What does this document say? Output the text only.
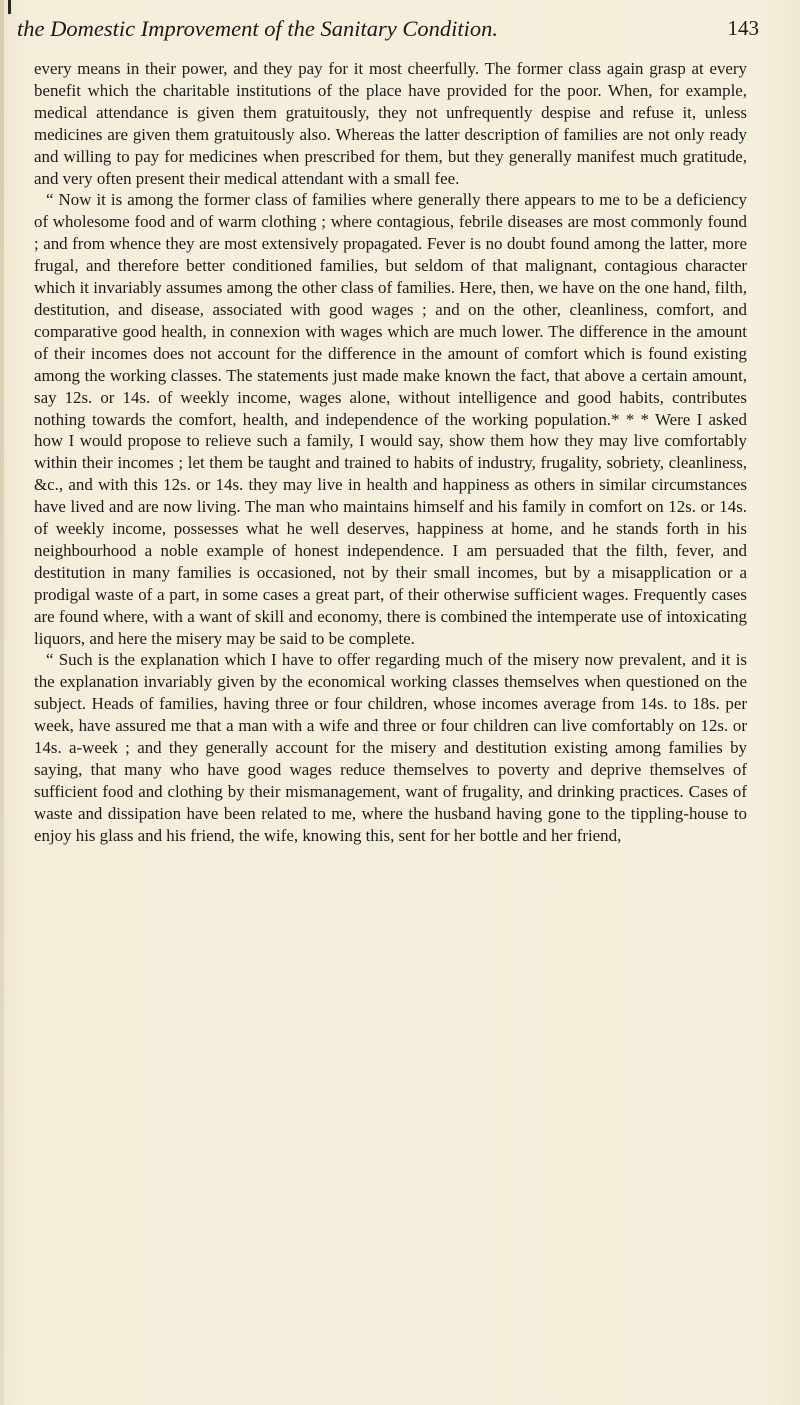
the Domestic Improvement of the Sanitary Condition.	143

every means in their power, and they pay for it most cheerfully. The former class again grasp at every benefit which the charitable institutions of the place have provided for the poor. When, for example, medical attendance is given them gratuitously, they not unfrequently despise and refuse it, unless medicines are given them gratuitously also. Whereas the latter description of families are not only ready and willing to pay for medicines when prescribed for them, but they generally manifest much gratitude, and very often present their medical attendant with a small fee.

“ Now it is among the former class of families where generally there appears to me to be a deficiency of wholesome food and of warm clothing ; where contagious, febrile diseases are most commonly found ; and from whence they are most extensively propagated. Fever is no doubt found among the latter, more frugal, and therefore better conditioned families, but seldom of that malignant, contagious character which it invariably assumes among the other class of families. Here, then, we have on the one hand, filth, destitution, and disease, associated with good wages ; and on the other, cleanliness, comfort, and comparative good health, in connexion with wages which are much lower. The difference in the amount of their incomes does not account for the difference in the amount of comfort which is found existing among the working classes. The statements just made make known the fact, that above a certain amount, say 12s. or 14s. of weekly income, wages alone, without intelligence and good habits, contributes nothing towards the comfort, health, and independence of the working population.* * * Were I asked how I would propose to relieve such a family, I would say, show them how they may live comfortably within their incomes ; let them be taught and trained to habits of industry, frugality, sobriety, cleanliness, &c., and with this 12s. or 14s. they may live in health and happiness as others in similar circumstances have lived and are now living. The man who maintains himself and his family in comfort on 12s. or 14s. of weekly income, possesses what he well deserves, happiness at home, and he stands forth in his neighbourhood a noble example of honest independence. I am persuaded that the filth, fever, and destitution in many families is occasioned, not by their small incomes, but by a misapplication or a prodigal waste of a part, in some cases a great part, of their otherwise sufficient wages. Frequently cases are found where, with a want of skill and economy, there is combined the intemperate use of intoxicating liquors, and here the misery may be said to be complete.

“ Such is the explanation which I have to offer regarding much of the misery now prevalent, and it is the explanation invariably given by the economical working classes themselves when questioned on the subject. Heads of families, having three or four children, whose incomes average from 14s. to 18s. per week, have assured me that a man with a wife and three or four children can live comfortably on 12s. or 14s. a-week ; and they generally account for the misery and destitution existing among families by saying, that many who have good wages reduce themselves to poverty and deprive themselves of sufficient food and clothing by their mismanagement, want of frugality, and drinking practices. Cases of waste and dissipation have been related to me, where the husband having gone to the tippling-house to enjoy his glass and his friend, the wife, knowing this, sent for her bottle and her friend,
